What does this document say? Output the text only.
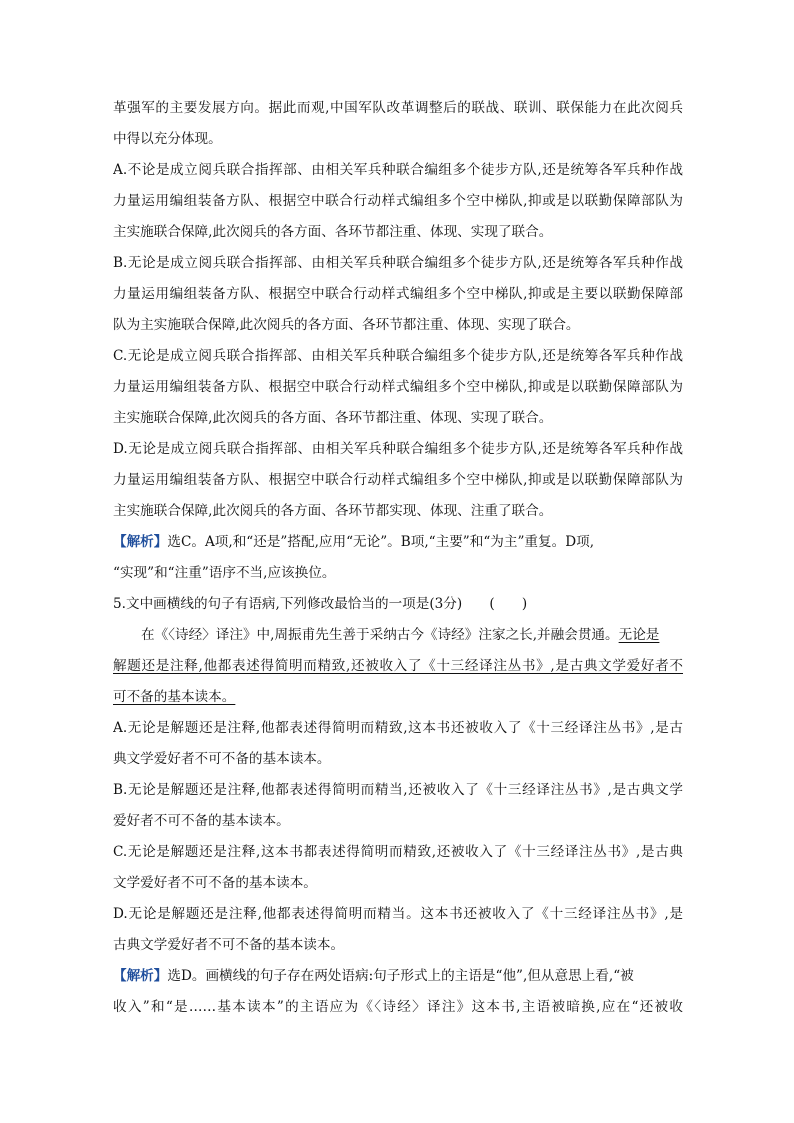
革强军的主要发展方向。据此而观,中国军队改革调整后的联战、联训、联保能力在此次阅兵
中得以充分体现。
A.不论是成立阅兵联合指挥部、由相关军兵种联合编组多个徒步方队,还是统筹各军兵种作战
力量运用编组装备方队、根据空中联合行动样式编组多个空中梯队,抑或是以联勤保障部队为
主实施联合保障,此次阅兵的各方面、各环节都注重、体现、实现了联合。
B.无论是成立阅兵联合指挥部、由相关军兵种联合编组多个徒步方队,还是统筹各军兵种作战
力量运用编组装备方队、根据空中联合行动样式编组多个空中梯队,抑或是主要以联勤保障部
队为主实施联合保障,此次阅兵的各方面、各环节都注重、体现、实现了联合。
C.无论是成立阅兵联合指挥部、由相关军兵种联合编组多个徒步方队,还是统筹各军兵种作战
力量运用编组装备方队、根据空中联合行动样式编组多个空中梯队,抑或是以联勤保障部队为
主实施联合保障,此次阅兵的各方面、各环节都注重、体现、实现了联合。
D.无论是成立阅兵联合指挥部、由相关军兵种联合编组多个徒步方队,还是统筹各军兵种作战
力量运用编组装备方队、根据空中联合行动样式编组多个空中梯队,抑或是以联勤保障部队为
主实施联合保障,此次阅兵的各方面、各环节都实现、体现、注重了联合。
【解析】选C。A项,和“还是”搭配,应用“无论”。B项,“主要”和“为主”重复。D项,
“实现”和“注重”语序不当,应该换位。
5.文中画横线的句子有语病,下列修改最恰当的一项是(3分)　　(　　)
在《〈诗经〉译注》中,周振甫先生善于采纳古今《诗经》注家之长,并融会贯通。无论是
解题还是注释,他都表述得简明而精致,还被收入了《十三经译注丛书》,是古典文学爱好者不
可不备的基本读本。
A.无论是解题还是注释,他都表述得简明而精致,这本书还被收入了《十三经译注丛书》,是古
典文学爱好者不可不备的基本读本。
B.无论是解题还是注释,他都表述得简明而精当,还被收入了《十三经译注丛书》,是古典文学
爱好者不可不备的基本读本。
C.无论是解题还是注释,这本书都表述得简明而精致,还被收入了《十三经译注丛书》,是古典
文学爱好者不可不备的基本读本。
D.无论是解题还是注释,他都表述得简明而精当。这本书还被收入了《十三经译注丛书》,是
古典文学爱好者不可不备的基本读本。
【解析】选D。画横线的句子存在两处语病:句子形式上的主语是“他”,但从意思上看,“被
收入”和“是……基本读本”的主语应为《〈诗经〉译注》这本书,主语被暗换,应在“还被收
